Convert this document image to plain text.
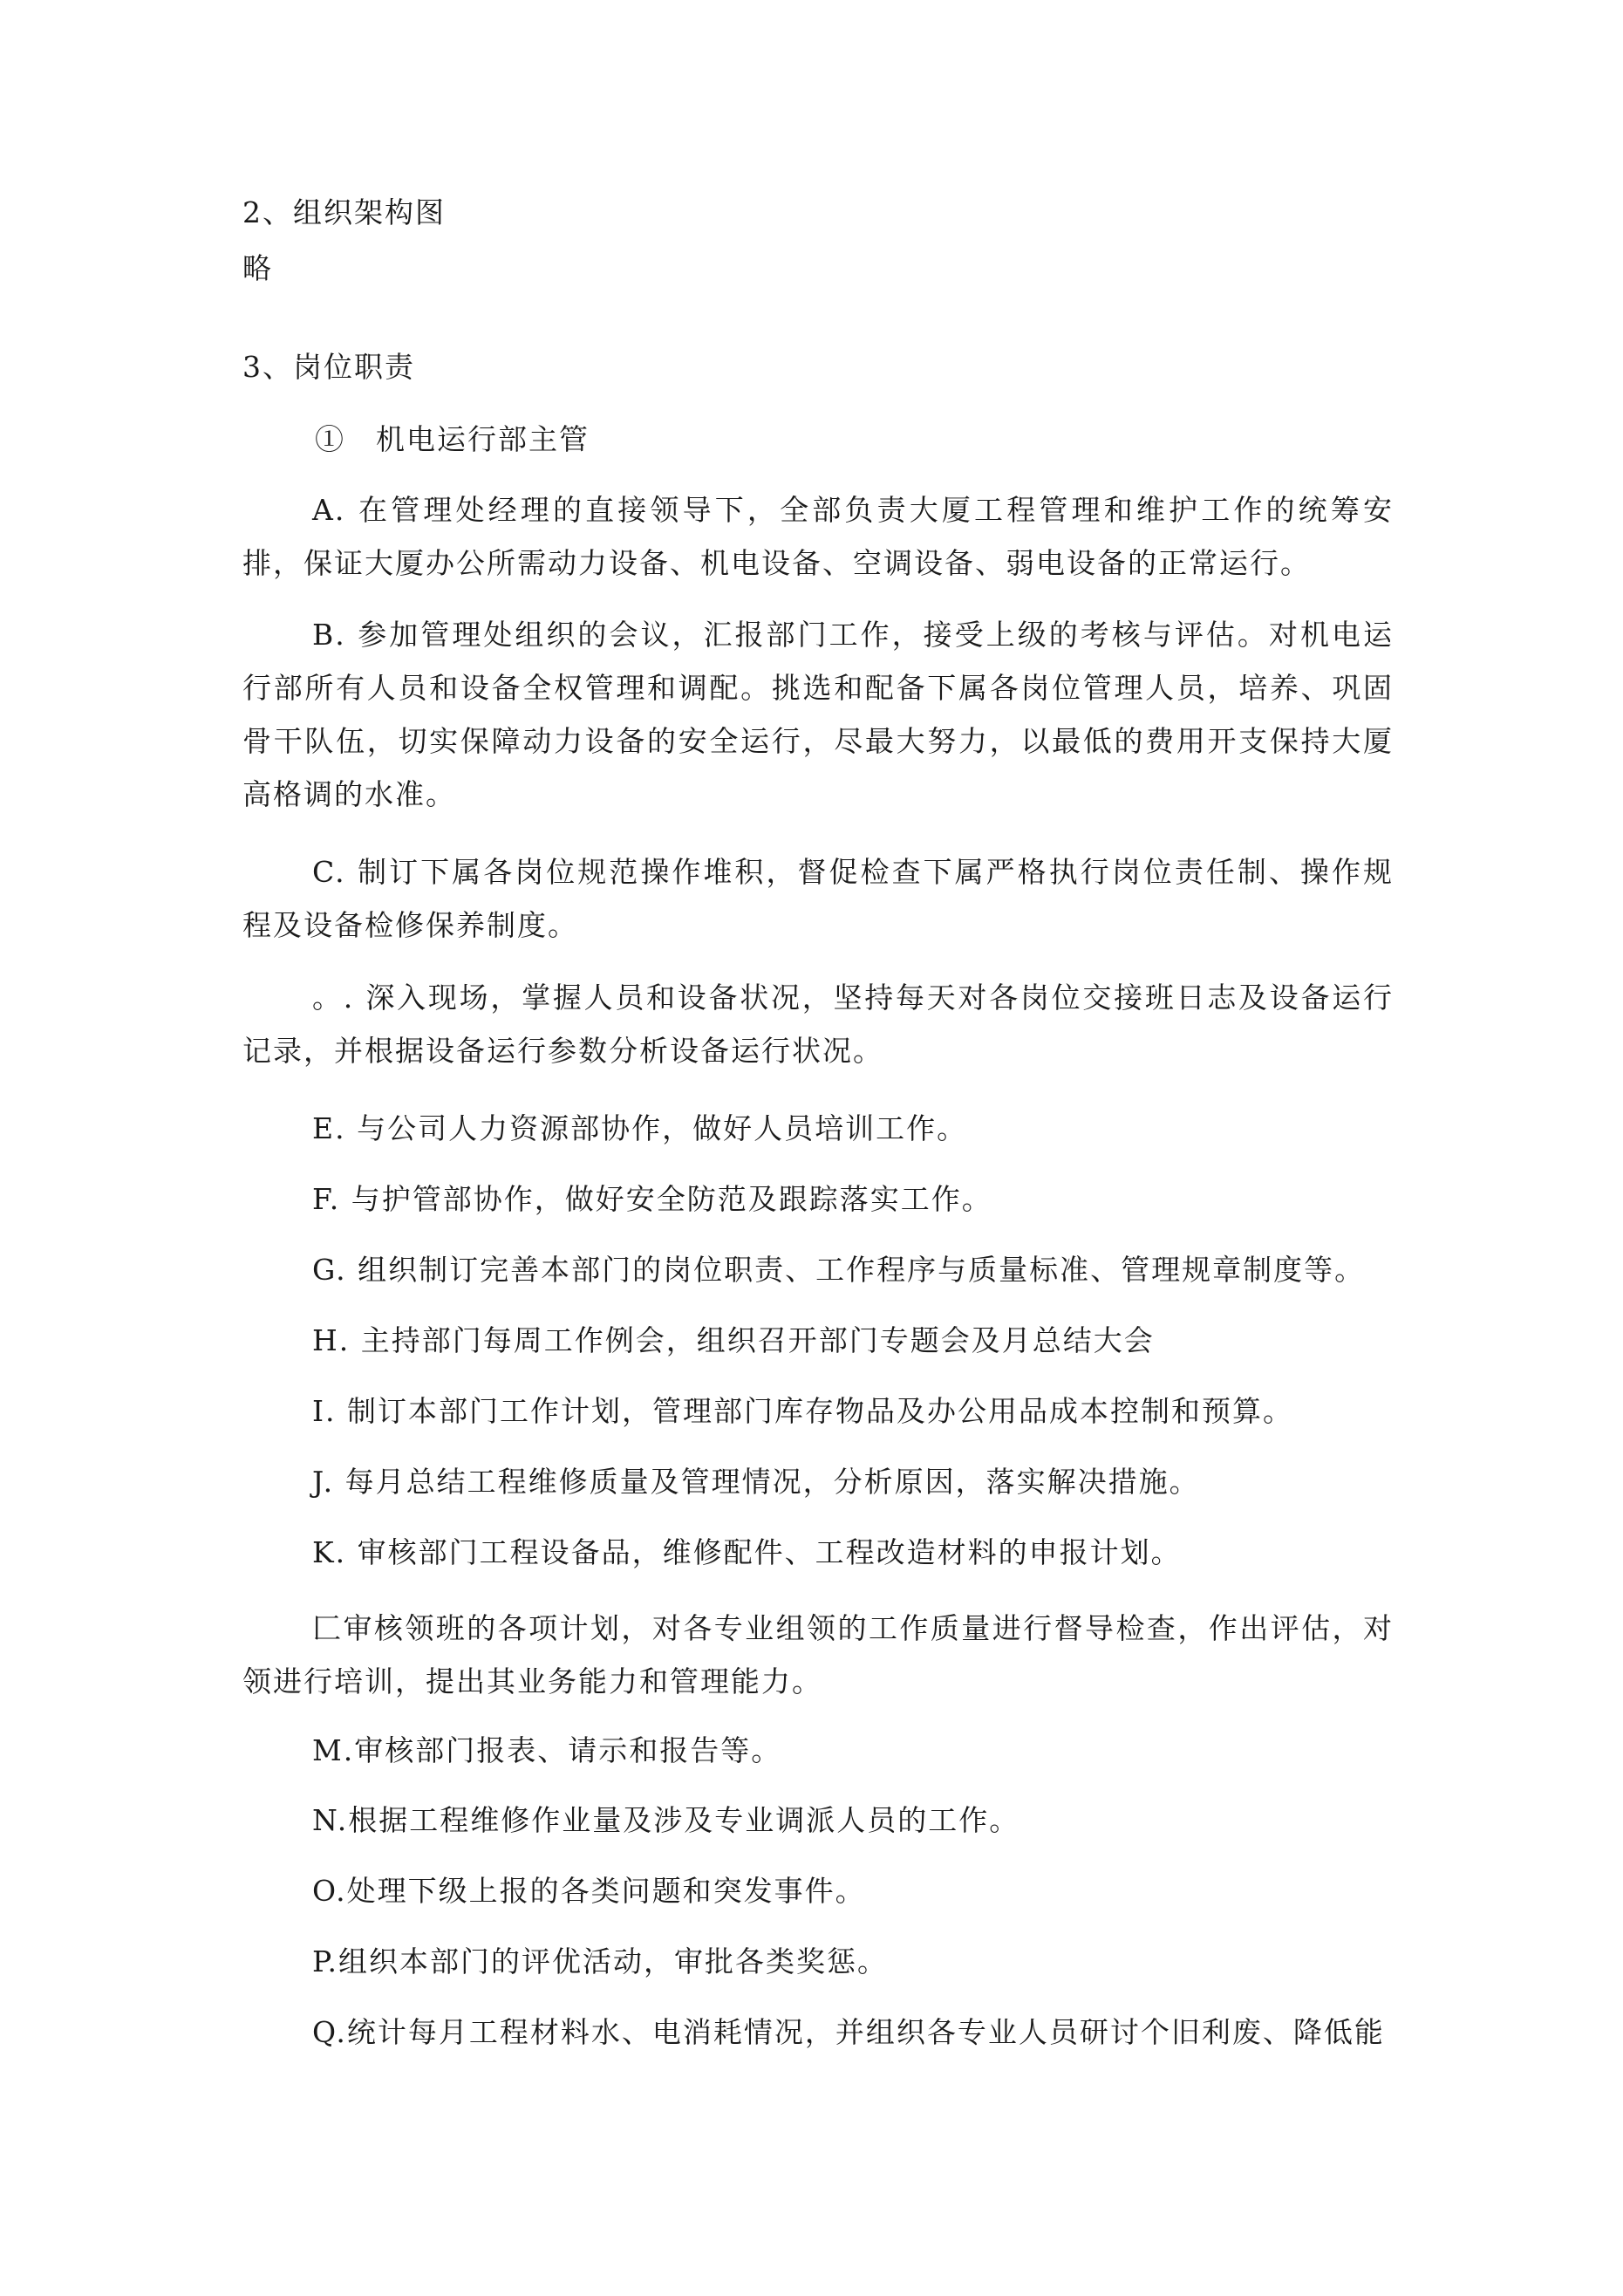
2、组织架构图
略
3、岗位职责
①　机电运行部主管
A. 在管理处经理的直接领导下，全部负责大厦工程管理和维护工作的统筹安排，保证大厦办公所需动力设备、机电设备、空调设备、弱电设备的正常运行。
B. 参加管理处组织的会议，汇报部门工作，接受上级的考核与评估。对机电运行部所有人员和设备全权管理和调配。挑选和配备下属各岗位管理人员，培养、巩固骨干队伍，切实保障动力设备的安全运行，尽最大努力，以最低的费用开支保持大厦高格调的水准。
C. 制订下属各岗位规范操作堆积，督促检查下属严格执行岗位责任制、操作规程及设备检修保养制度。
。. 深入现场，掌握人员和设备状况，坚持每天对各岗位交接班日志及设备运行记录，并根据设备运行参数分析设备运行状况。
E. 与公司人力资源部协作，做好人员培训工作。
F. 与护管部协作，做好安全防范及跟踪落实工作。
G. 组织制订完善本部门的岗位职责、工作程序与质量标准、管理规章制度等。
H. 主持部门每周工作例会，组织召开部门专题会及月总结大会
I. 制订本部门工作计划，管理部门库存物品及办公用品成本控制和预算。
J. 每月总结工程维修质量及管理情况，分析原因，落实解决措施。
K. 审核部门工程设备品，维修配件、工程改造材料的申报计划。
匚审核领班的各项计划，对各专业组领的工作质量进行督导检查，作出评估，对领进行培训，提出其业务能力和管理能力。
M.审核部门报表、请示和报告等。
N.根据工程维修作业量及涉及专业调派人员的工作。
O.处理下级上报的各类问题和突发事件。
P.组织本部门的评优活动，审批各类奖惩。
Q.统计每月工程材料水、电消耗情况，并组织各专业人员研讨个旧利废、降低能
